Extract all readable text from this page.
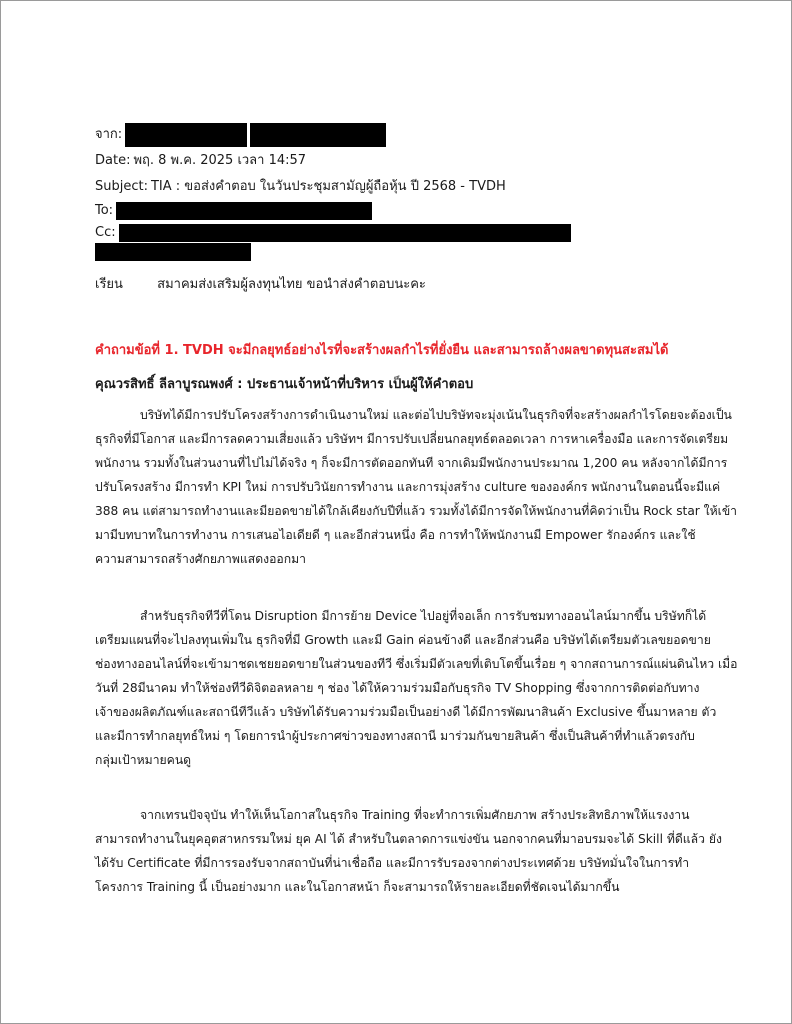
จาก:
Date: พฤ. 8 พ.ค. 2025 เวลา 14:57
Subject: TIA : ขอส่งคำตอบ ในวันประชุมสามัญผู้ถือหุ้น ปี 2568 - TVDH
To:
Cc:
เรียน	สมาคมส่งเสริมผู้ลงทุนไทย ขอนำส่งคำตอบนะคะ
คำถามข้อที่ 1. TVDH จะมีกลยุทธ์อย่างไรที่จะสร้างผลกำไรที่ยั่งยืน และสามารถล้างผลขาดทุนสะสมได้
คุณวรสิทธิ์ ลีลาบูรณพงศ์ : ประธานเจ้าหน้าที่บริหาร เป็นผู้ให้คำตอบ
บริษัทได้มีการปรับโครงสร้างการดำเนินงานใหม่ และต่อไปบริษัทจะมุ่งเน้นในธุรกิจที่จะสร้างผลกำไรโดยจะต้องเป็น
ธุรกิจที่มีโอกาส และมีการลดความเสี่ยงแล้ว บริษัทฯ มีการปรับเปลี่ยนกลยุทธ์ตลอดเวลา การหาเครื่องมือ และการจัดเตรียม
พนักงาน รวมทั้งในส่วนงานที่ไปไม่ได้จริง ๆ ก็จะมีการตัดออกทันที จากเดิมมีพนักงานประมาณ 1,200 คน หลังจากได้มีการ
ปรับโครงสร้าง มีการทำ KPI ใหม่ การปรับวินัยการทำงาน และการมุ่งสร้าง culture ขององค์กร พนักงานในตอนนี้จะมีแค่
388 คน แต่สามารถทำงานและมียอดขายได้ใกล้เคียงกับปีที่แล้ว รวมทั้งได้มีการจัดให้พนักงานที่คิดว่าเป็น Rock star ให้เข้า
มามีบทบาทในการทำงาน การเสนอไอเดียดี ๆ และอีกส่วนหนึ่ง คือ การทำให้พนักงานมี Empower รักองค์กร และใช้
ความสามารถสร้างศักยภาพแสดงออกมา
สำหรับธุรกิจทีวีที่โดน Disruption มีการย้าย Device ไปอยู่ที่จอเล็ก การรับชมทางออนไลน์มากขึ้น บริษัทก็ได้
เตรียมแผนที่จะไปลงทุนเพิ่มใน ธุรกิจที่มี Growth และมี Gain ค่อนข้างดี และอีกส่วนคือ บริษัทได้เตรียมตัวเลขยอดขาย
ช่องทางออนไลน์ที่จะเข้ามาชดเชยยอดขายในส่วนของทีวี ซึ่งเริ่มมีตัวเลขที่เติบโตขึ้นเรื่อย ๆ จากสถานการณ์แผ่นดินไหว เมื่อ
วันที่ 28มีนาคม ทำให้ช่องทีวีดิจิตอลหลาย ๆ ช่อง ได้ให้ความร่วมมือกับธุรกิจ TV Shopping ซึ่งจากการติดต่อกับทาง
เจ้าของผลิตภัณฑ์และสถานีทีวีแล้ว บริษัทได้รับความร่วมมือเป็นอย่างดี ได้มีการพัฒนาสินค้า Exclusive ขึ้นมาหลาย ตัว
และมีการทำกลยุทธ์ใหม่ ๆ โดยการนำผู้ประกาศข่าวของทางสถานี มาร่วมกันขายสินค้า ซึ่งเป็นสินค้าที่ทำแล้วตรงกับ
กลุ่มเป้าหมายคนดู
จากเทรนปัจจุบัน ทำให้เห็นโอกาสในธุรกิจ Training ที่จะทำการเพิ่มศักยภาพ สร้างประสิทธิภาพให้แรงงาน
สามารถทำงานในยุคอุตสาหกรรมใหม่ ยุค AI ได้ สำหรับในตลาดการแข่งขัน นอกจากคนที่มาอบรมจะได้ Skill ที่ดีแล้ว ยัง
ได้รับ Certificate ที่มีการรองรับจากสถาบันที่น่าเชื่อถือ และมีการรับรองจากต่างประเทศด้วย บริษัทมั่นใจในการทำ
โครงการ Training นี้ เป็นอย่างมาก และในโอกาสหน้า ก็จะสามารถให้รายละเอียดที่ชัดเจนได้มากขึ้น
